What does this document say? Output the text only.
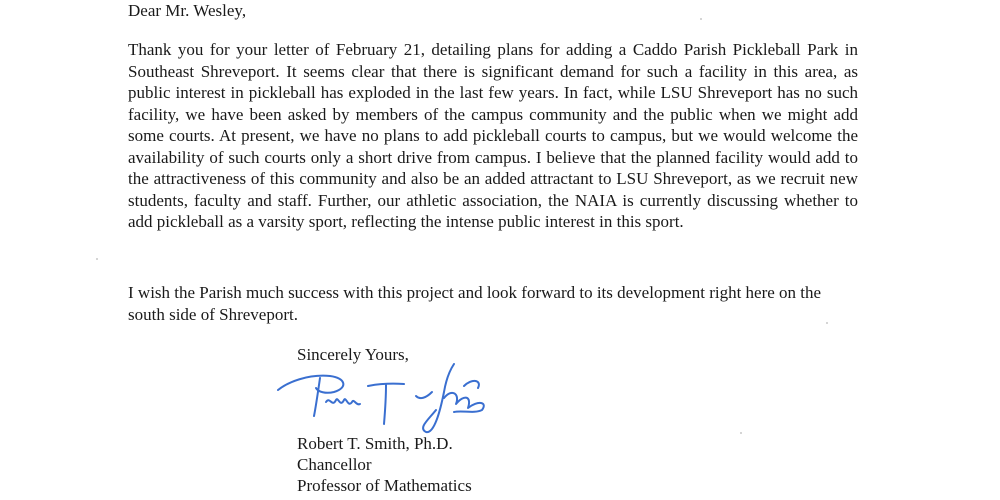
Dear Mr. Wesley,

Thank you for your letter of February 21, detailing plans for adding a Caddo Parish Pickleball Park in Southeast Shreveport. It seems clear that there is significant demand for such a facility in this area, as public interest in pickleball has exploded in the last few years. In fact, while LSU Shreveport has no such facility, we have been asked by members of the campus community and the public when we might add some courts. At present, we have no plans to add pickleball courts to campus, but we would welcome the availability of such courts only a short drive from campus. I believe that the planned facility would add to the attractiveness of this community and also be an added attractant to LSU Shreveport, as we recruit new students, faculty and staff. Further, our athletic association, the NAIA is currently discussing whether to add pickleball as a varsity sport, reflecting the intense public interest in this sport.

I wish the Parish much success with this project and look forward to its development right here on the south side of Shreveport.

Sincerely Yours,

Robert T. Smith, Ph.D.

Chancellor

Professor of Mathematics
